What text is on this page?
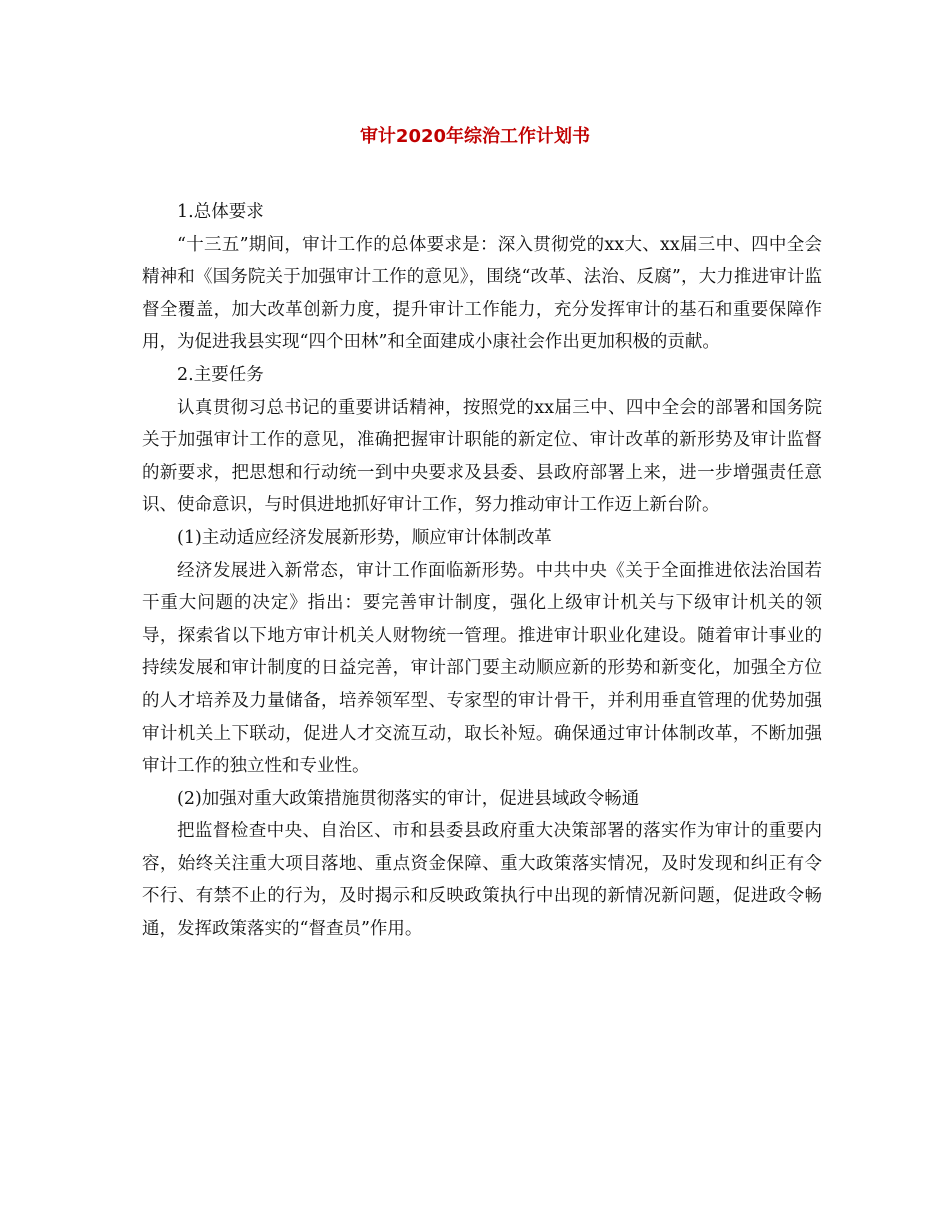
审计2020年综治工作计划书

1.总体要求

“十三五”期间，审计工作的总体要求是：深入贯彻党的xx大、xx届三中、四中全会精神和《国务院关于加强审计工作的意见》，围绕“改革、法治、反腐”，大力推进审计监督全覆盖，加大改革创新力度，提升审计工作能力，充分发挥审计的基石和重要保障作用，为促进我县实现“四个田林”和全面建成小康社会作出更加积极的贡献。

2.主要任务

认真贯彻习总书记的重要讲话精神，按照党的xx届三中、四中全会的部署和国务院关于加强审计工作的意见，准确把握审计职能的新定位、审计改革的新形势及审计监督的新要求，把思想和行动统一到中央要求及县委、县政府部署上来，进一步增强责任意识、使命意识，与时俱进地抓好审计工作，努力推动审计工作迈上新台阶。

(1)主动适应经济发展新形势，顺应审计体制改革

经济发展进入新常态，审计工作面临新形势。中共中央《关于全面推进依法治国若干重大问题的决定》指出：要完善审计制度，强化上级审计机关与下级审计机关的领导，探索省以下地方审计机关人财物统一管理。推进审计职业化建设。随着审计事业的持续发展和审计制度的日益完善，审计部门要主动顺应新的形势和新变化，加强全方位的人才培养及力量储备，培养领军型、专家型的审计骨干，并利用垂直管理的优势加强审计机关上下联动，促进人才交流互动，取长补短。确保通过审计体制改革，不断加强审计工作的独立性和专业性。

(2)加强对重大政策措施贯彻落实的审计，促进县域政令畅通

把监督检查中央、自治区、市和县委县政府重大决策部署的落实作为审计的重要内容，始终关注重大项目落地、重点资金保障、重大政策落实情况，及时发现和纠正有令不行、有禁不止的行为，及时揭示和反映政策执行中出现的新情况新问题，促进政令畅通，发挥政策落实的“督查员”作用。
